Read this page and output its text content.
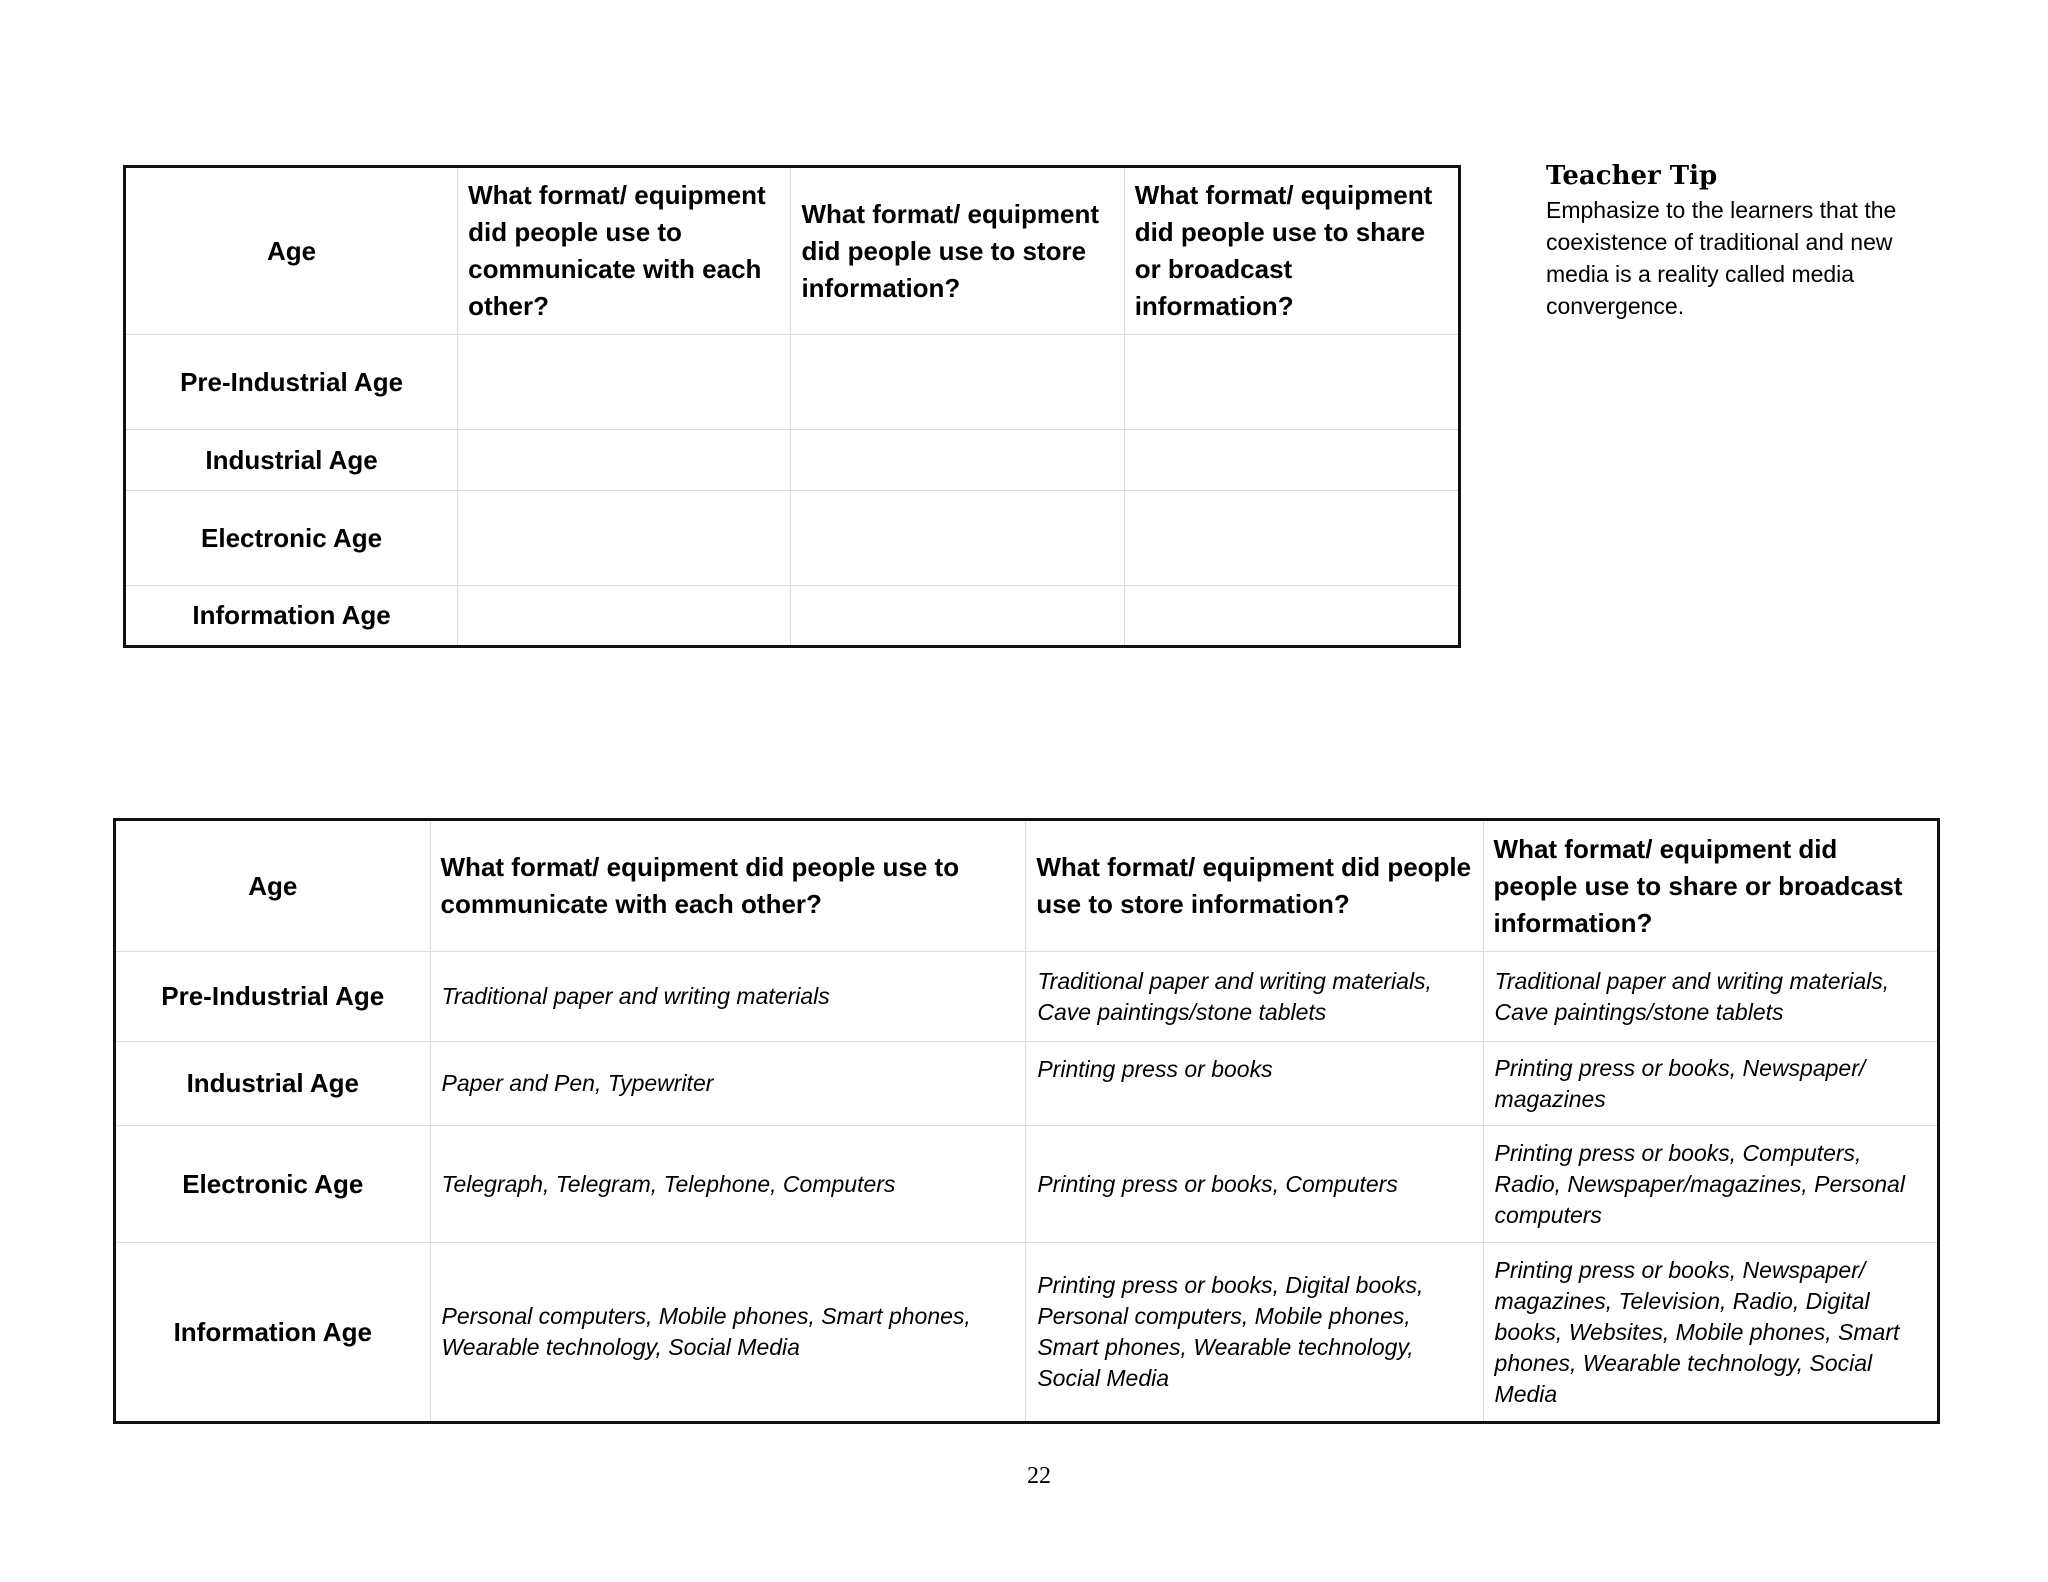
Age	What format/ equipment did people use to communicate with each other?	What format/ equipment did people use to store information?	What format/ equipment did people use to share or broadcast information?
Pre-Industrial Age			
Industrial Age			
Electronic Age			
Information Age			
Teacher Tip
Emphasize to the learners that the coexistence of traditional and new media is a reality called media convergence.
Age	What format/ equipment did people use to communicate with each other?	What format/ equipment did people use to store information?	What format/ equipment did people use to share or broadcast information?
Pre-Industrial Age	Traditional paper and writing materials	Traditional paper and writing materials, Cave paintings/stone tablets	Traditional paper and writing materials, Cave paintings/stone tablets
Industrial Age	Paper and Pen, Typewriter	Printing press or books	Printing press or books, Newspaper/ magazines
Electronic Age	Telegraph, Telegram, Telephone, Computers	Printing press or books, Computers	Printing press or books, Computers, Radio, Newspaper/magazines, Personal computers
Information Age	Personal computers, Mobile phones, Smart phones, Wearable technology, Social Media	Printing press or books, Digital books, Personal computers, Mobile phones, Smart phones, Wearable technology, Social Media	Printing press or books, Newspaper/ magazines, Television, Radio, Digital books, Websites, Mobile phones, Smart phones, Wearable technology, Social Media
22
